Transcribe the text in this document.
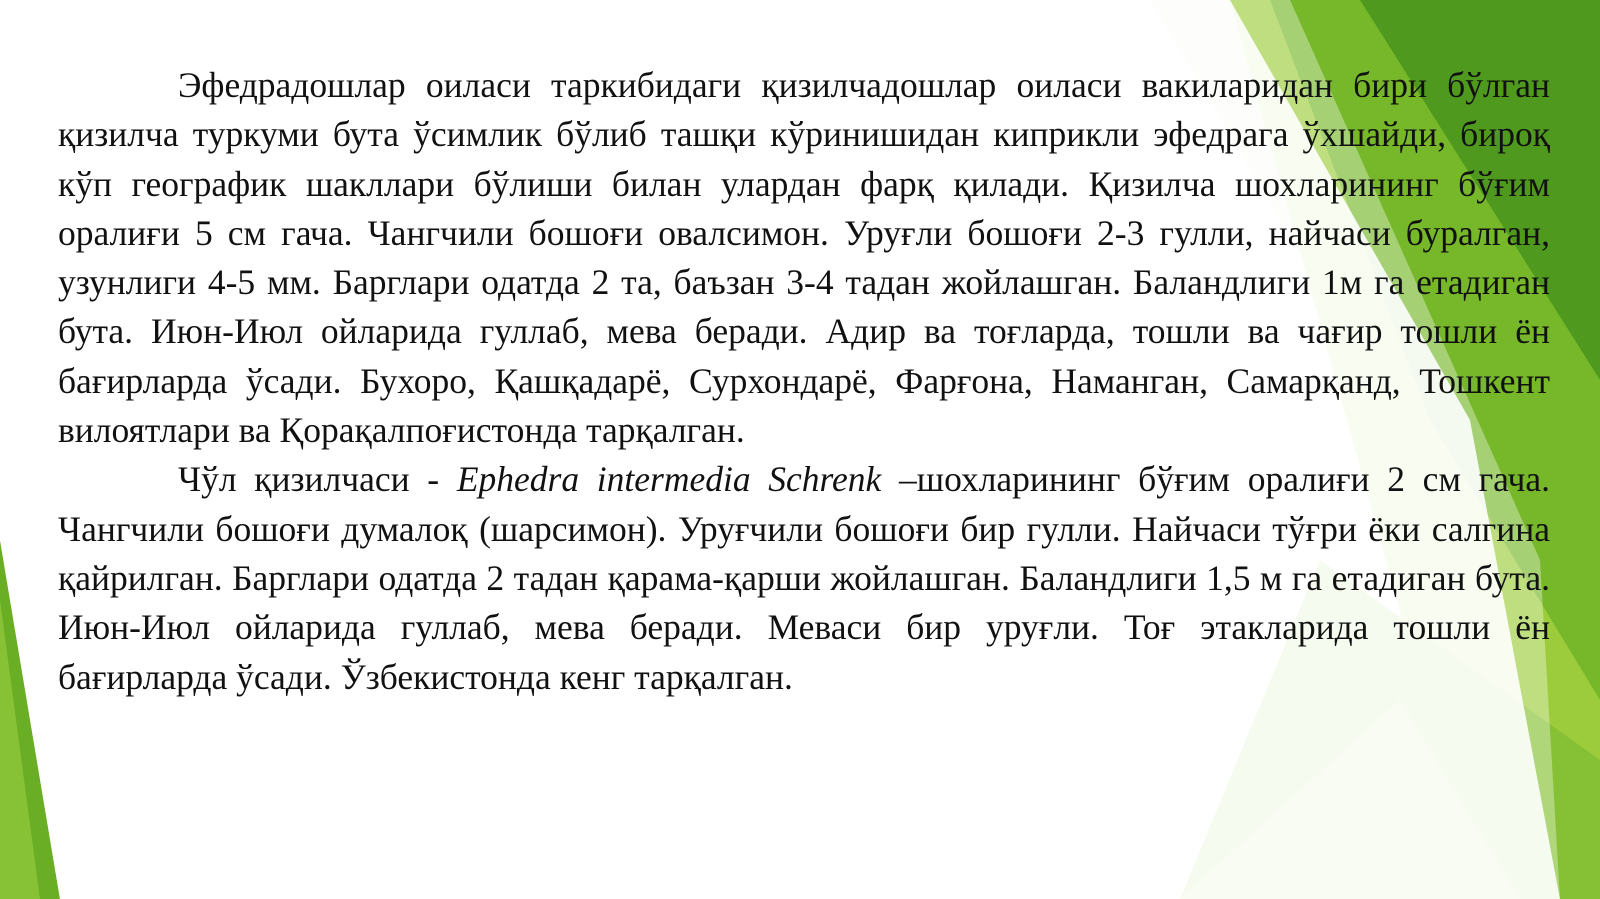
Эфедрадошлар оиласи таркибидаги қизилчадошлар оиласи вакиларидан бири бўлган қизилча туркуми бута ўсимлик бўлиб ташқи кўринишидан киприкли эфедрага ўхшайди, бироқ кўп географик шакллари бўлиши билан улардан фарқ қилади. Қизилча шохларининг бўғим оралиғи 5 см гача. Чангчили бошоғи овалсимон. Уруғли бошоғи 2-3 гулли, найчаси буралган, узунлиги 4-5 мм. Барглари одатда 2 та, баъзан 3-4 тадан жойлашган. Баландлиги 1м га етадиган бута. Июн-Июл ойларида гуллаб, мева беради. Адир ва тоғларда, тошли ва чағир тошли ён бағирларда ўсади. Бухоро, Қашқадарё, Сурхондарё, Фарғона, Наманган, Самарқанд, Тошкент вилоятлари ва Қорақалпоғистонда тарқалган.

Чўл қизилчаси - Ephedra intermedia Schrenk –шохларининг бўғим оралиғи 2 см гача. Чангчили бошоғи думалоқ (шарсимон). Уруғчили бошоғи бир гулли. Найчаси тўғри ёки салгина қайрилган. Барглари одатда 2 тадан қарама-қарши жойлашган. Баландлиги 1,5 м га етадиган бута. Июн-Июл ойларида гуллаб, мева беради. Меваси бир уруғли. Тоғ этакларида тошли ён бағирларда ўсади. Ўзбекистонда кенг тарқалган.
